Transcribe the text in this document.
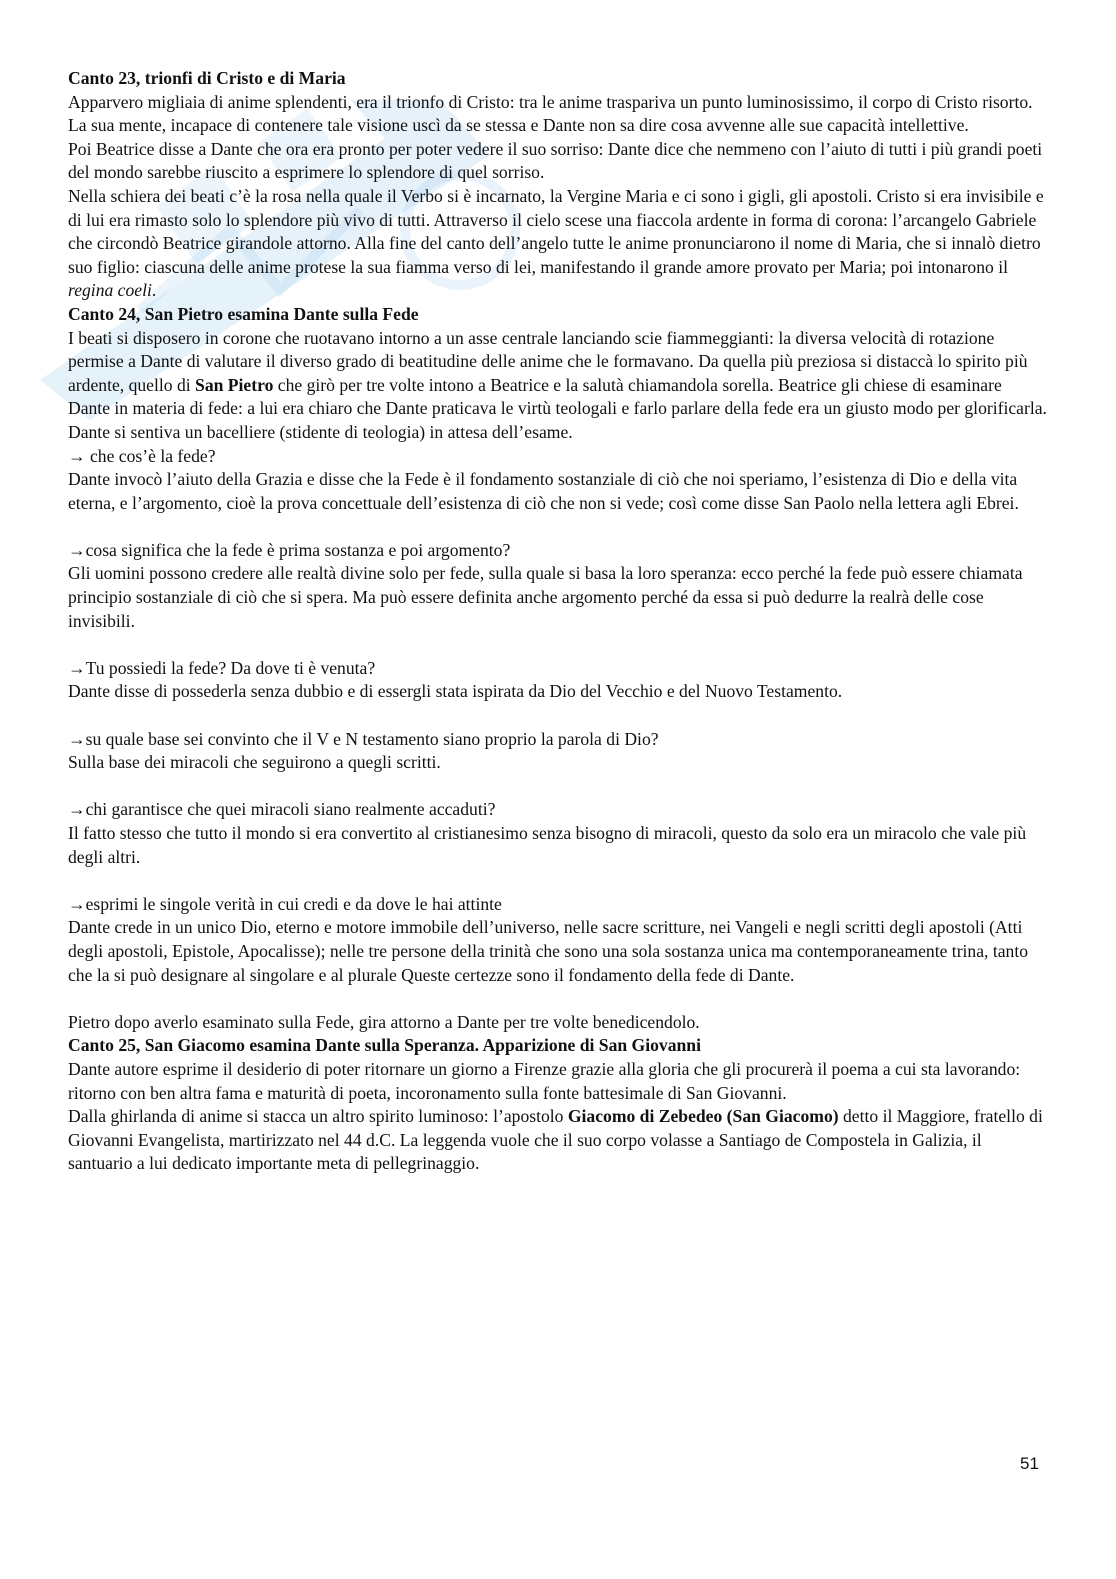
Canto 23, trionfi di Cristo e di Maria

Apparvero migliaia di anime splendenti, era il trionfo di Cristo: tra le anime traspariva un punto luminosissimo, il corpo di Cristo risorto. La sua mente, incapace di contenere tale visione uscì da se stessa e Dante non sa dire cosa avvenne alle sue capacità intellettive.

Poi Beatrice disse a Dante che ora era pronto per poter vedere il suo sorriso: Dante dice che nemmeno con l’aiuto di tutti i più grandi poeti del mondo sarebbe riuscito a esprimere lo splendore di quel sorriso.

Nella schiera dei beati c’è la rosa nella quale il Verbo si è incarnato, la Vergine Maria e ci sono i gigli, gli apostoli. Cristo si era invisibile e di lui era rimasto solo lo splendore più vivo di tutti. Attraverso il cielo scese una fiaccola ardente in forma di corona: l’arcangelo Gabriele che circondò Beatrice girandole attorno. Alla fine del canto dell’angelo tutte le anime pronunciarono il nome di Maria, che si innalò dietro suo figlio: ciascuna delle anime protese la sua fiamma verso di lei, manifestando il grande amore provato per Maria; poi intonarono il regina coeli.

Canto 24, San Pietro esamina Dante sulla Fede

I beati si disposero in corone che ruotavano intorno a un asse centrale lanciando scie fiammeggianti: la diversa velocità di rotazione permise a Dante di valutare il diverso grado di beatitudine delle anime che le formavano. Da quella più preziosa si distaccà lo spirito più ardente, quello di San Pietro che girò per tre volte intono a Beatrice e la salutà chiamandola sorella. Beatrice gli chiese di esaminare Dante in materia di fede: a lui era chiaro che Dante praticava le virtù teologali e farlo parlare della fede era un giusto modo per glorificarla. Dante si sentiva un bacelliere (stidente di teologia) in attesa dell’esame.

→ che cos’è la fede?

Dante invocò l’aiuto della Grazia e disse che la Fede è il fondamento sostanziale di ciò che noi speriamo, l’esistenza di Dio e della vita eterna, e l’argomento, cioè la prova concettuale dell’esistenza di ciò che non si vede; così come disse San Paolo nella lettera agli Ebrei.

→cosa significa che la fede è prima sostanza e poi argomento?

Gli uomini possono credere alle realtà divine solo per fede, sulla quale si basa la loro speranza: ecco perché la fede può essere chiamata principio sostanziale di ciò che si spera. Ma può essere definita anche argomento perché da essa si può dedurre la realrà delle cose invisibili.

→Tu possiedi la fede? Da dove ti è venuta?

Dante disse di possederla senza dubbio e di essergli stata ispirata da Dio del Vecchio e del Nuovo Testamento.

→su quale base sei convinto che il V e N testamento siano proprio la parola di Dio?

Sulla base dei miracoli che seguirono a quegli scritti.

→chi garantisce che quei miracoli siano realmente accaduti?

Il fatto stesso che tutto il mondo si era convertito al cristianesimo senza bisogno di miracoli, questo da solo era un miracolo che vale più degli altri.

→esprimi le singole verità in cui credi e da dove le hai attinte

Dante crede in un unico Dio, eterno e motore immobile dell’universo, nelle sacre scritture, nei Vangeli e negli scritti degli apostoli (Atti degli apostoli, Epistole, Apocalisse); nelle tre persone della trinità che sono una sola sostanza unica ma contemporaneamente trina, tanto che la si può designare al singolare e al plurale Queste certezze sono il fondamento della fede di Dante.

Pietro dopo averlo esaminato sulla Fede, gira attorno a Dante per tre volte benedicendolo.

Canto 25, San Giacomo esamina Dante sulla Speranza. Apparizione di San Giovanni

Dante autore esprime il desiderio di poter ritornare un giorno a Firenze grazie alla gloria che gli procurerà il poema a cui sta lavorando: ritorno con ben altra fama e maturità di poeta, incoronamento sulla fonte battesimale di San Giovanni.

Dalla ghirlanda di anime si stacca un altro spirito luminoso: l’apostolo Giacomo di Zebedeo (San Giacomo) detto il Maggiore, fratello di Giovanni Evangelista, martirizzato nel 44 d.C. La leggenda vuole che il suo corpo volasse a Santiago de Compostela in Galizia, il santuario a lui dedicato importante meta di pellegrinaggio.

51
